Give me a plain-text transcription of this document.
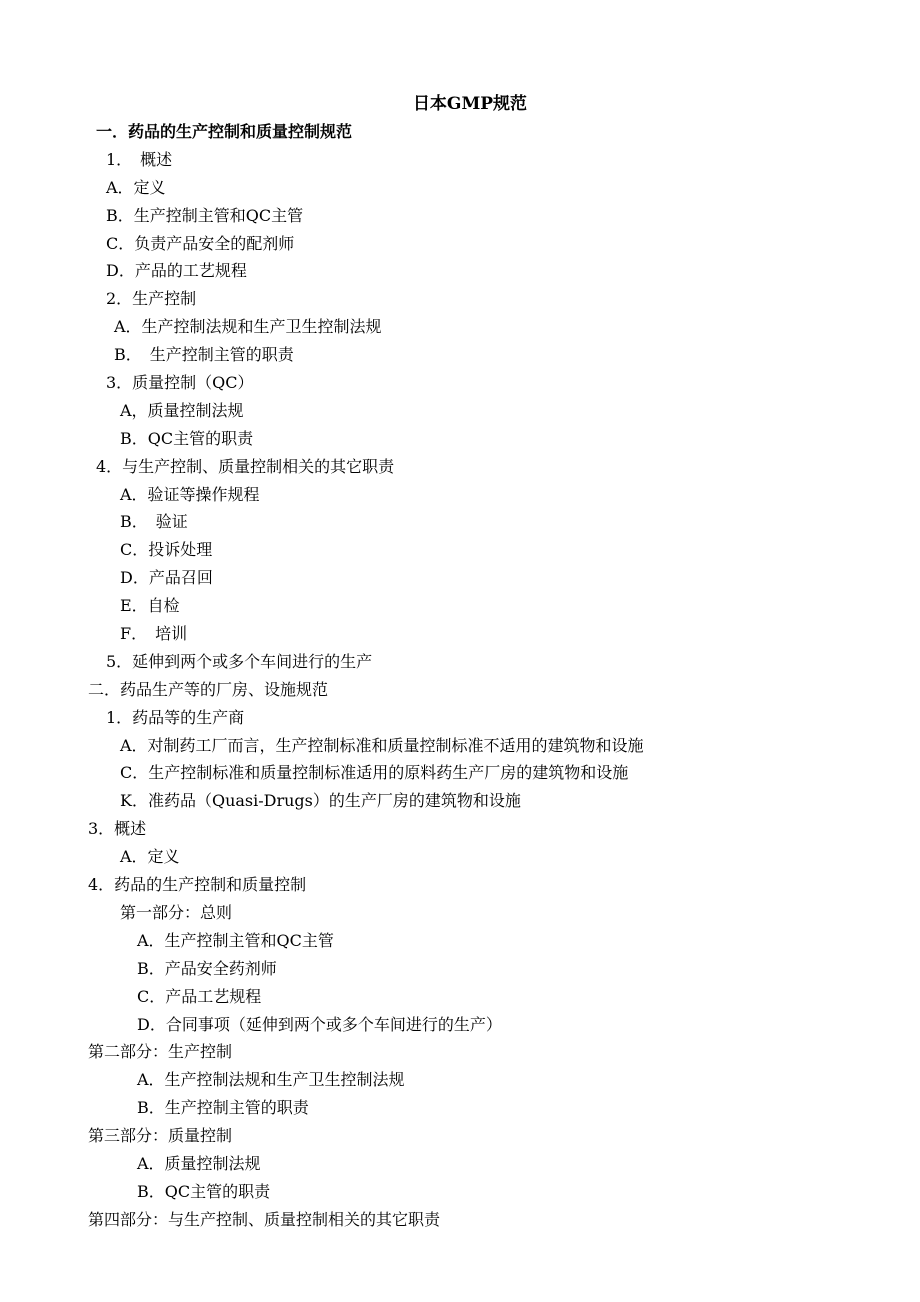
日本GMP规范
一．药品的生产控制和质量控制规范
1．　概述
A．定义
B．生产控制主管和QC主管
C．负责产品安全的配剂师
D．产品的工艺规程
2．生产控制
A．生产控制法规和生产卫生控制法规
B．　生产控制主管的职责
3．质量控制（QC）
A，质量控制法规
B．QC主管的职责
4．与生产控制、质量控制相关的其它职责
A．验证等操作规程
B．　验证
C．投诉处理
D．产品召回
E．自检
F．　培训
5．延伸到两个或多个车间进行的生产
二．药品生产等的厂房、设施规范
1．药品等的生产商
A．对制药工厂而言，生产控制标准和质量控制标准不适用的建筑物和设施
C．生产控制标准和质量控制标准适用的原料药生产厂房的建筑物和设施
K．准药品（Quasi-Drugs）的生产厂房的建筑物和设施
3．概述
A．定义
4．药品的生产控制和质量控制
第一部分：总则
A．生产控制主管和QC主管
B．产品安全药剂师
C．产品工艺规程
D．合同事项（延伸到两个或多个车间进行的生产）
第二部分：生产控制
A．生产控制法规和生产卫生控制法规
B．生产控制主管的职责
第三部分：质量控制
A．质量控制法规
B．QC主管的职责
第四部分：与生产控制、质量控制相关的其它职责
